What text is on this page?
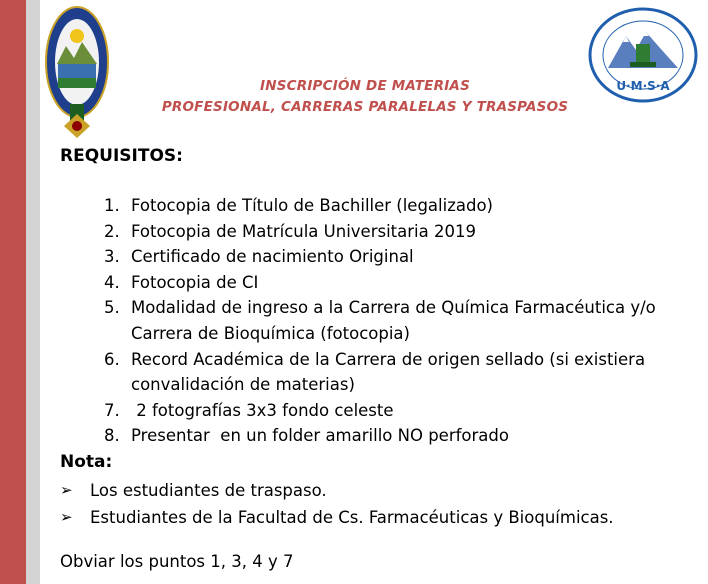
U·M·S·A
INSCRIPCIÓN DE MATERIAS
PROFESIONAL, CARRERAS PARALELAS Y TRASPASOS
REQUISITOS:
1. Fotocopia de Título de Bachiller (legalizado)
2. Fotocopia de Matrícula Universitaria 2019
3. Certificado de nacimiento Original
4. Fotocopia de CI
5. Modalidad de ingreso a la Carrera de Química Farmacéutica y/o Carrera de Bioquímica (fotocopia)
6. Record Académica de la Carrera de origen sellado (si existiera convalidación de materias)
7. 2 fotografías 3x3 fondo celeste
8. Presentar  en un folder amarillo NO perforado
Nota:
➢ Los estudiantes de traspaso.
➢ Estudiantes de la Facultad de Cs. Farmacéuticas y Bioquímicas.
Obviar los puntos 1, 3, 4 y 7
